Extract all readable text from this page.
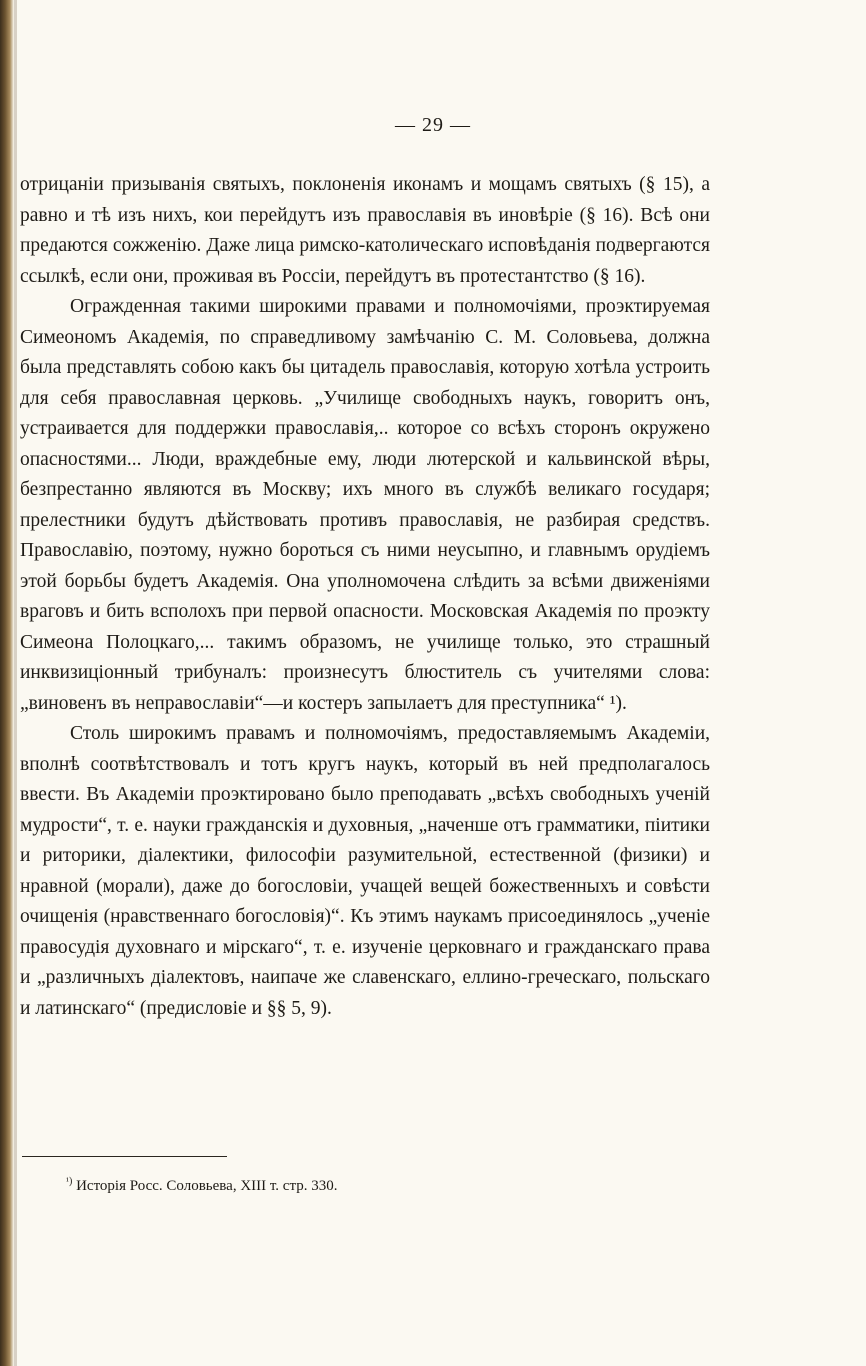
— 29 —

отрицаніи призыванія святыхъ, поклоненія иконамъ и мощамъ святыхъ (§ 15), а равно и тѣ изъ нихъ, кои перейдутъ изъ православія въ иновѣріе (§ 16). Всѣ они предаются сожженію. Даже лица римско-католическаго исповѣданія подвергаются ссылкѣ, если они, проживая въ Россіи, перейдутъ въ протестантство (§ 16).

Огражденная такими широкими правами и полномочіями, проэктируемая Симеономъ Академія, по справедливому замѣчанію С. М. Соловьева, должна была представлять собою какъ бы цитадель православія, которую хотѣла устроить для себя православная церковь. „Училище свободныхъ наукъ, говоритъ онъ, устраивается для поддержки православія,.. которое со всѣхъ сторонъ окружено опасностями... Люди, враждебные ему, люди лютерской и кальвинской вѣры, безпрестанно являются въ Москву; ихъ много въ службѣ великаго государя; прелестники будутъ дѣйствовать противъ православія, не разбирая средствъ. Православію, поэтому, нужно бороться съ ними неусыпно, и главнымъ орудіемъ этой борьбы будетъ Академія. Она уполномочена слѣдить за всѣми движеніями враговъ и бить всполохъ при первой опасности. Московская Академія по проэкту Симеона Полоцкаго,... такимъ образомъ, не училище только, это страшный инквизиціонный трибуналъ: произнесутъ блюститель съ учителями слова: „виновенъ въ неправославіи“—и костеръ запылаетъ для преступника“ ¹).

Столь широкимъ правамъ и полномочіямъ, предоставляемымъ Академіи, вполнѣ соотвѣтствовалъ и тотъ кругъ наукъ, который въ ней предполагалось ввести. Въ Академіи проэктировано было преподавать „всѣхъ свободныхъ ученій мудрости“, т. е. науки гражданскія и духовныя, „наченше отъ грамматики, піитики и риторики, діалектики, философіи разумительной, естественной (физики) и нравной (морали), даже до богословіи, учащей вещей божественныхъ и совѣсти очищенія (нравственнаго богословія)“. Къ этимъ наукамъ присоединялось „ученіе правосудія духовнаго и мірскаго“, т. е. изученіе церковнаго и гражданскаго права и „различныхъ діалектовъ, наипаче же славенскаго, еллино-греческаго, польскаго и латинскаго“ (предисловіе и §§ 5, 9).

$^{^1)}$ Исторія Росс. Соловьева, XIII т. стр. 330.
